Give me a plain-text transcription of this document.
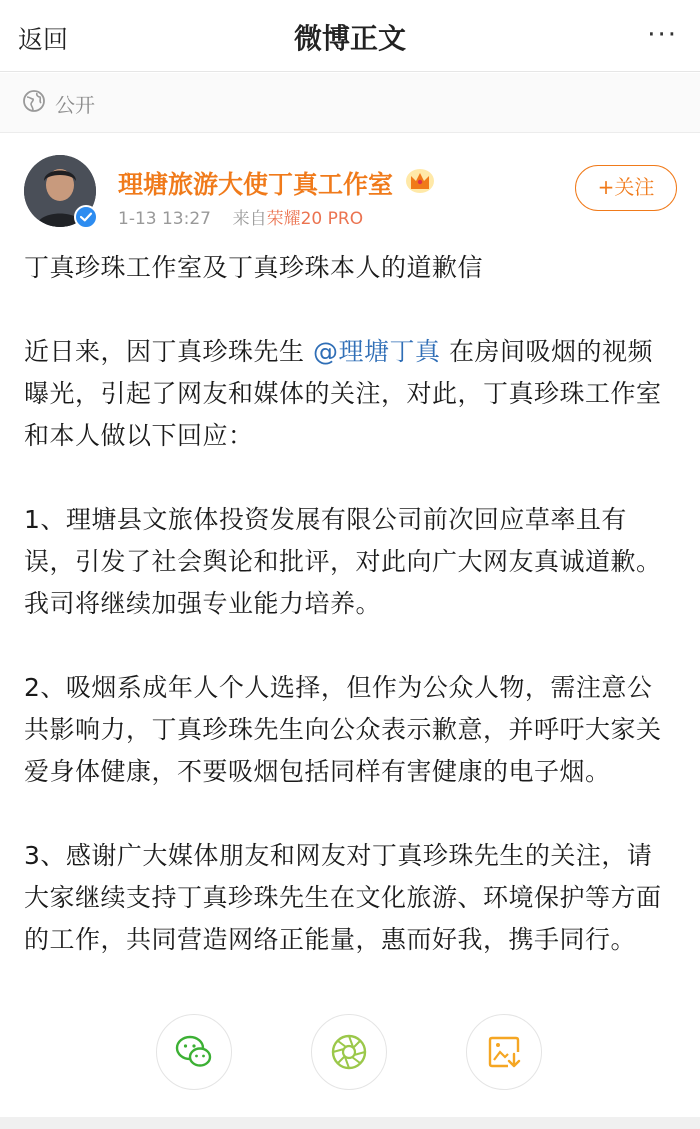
返回	微博正文	···
公开
理塘旅游大使丁真工作室
1-13 13:27 来自荣耀20 PRO
+关注

丁真珍珠工作室及丁真珍珠本人的道歉信

近日来，因丁真珍珠先生 @理塘丁真 在房间吸烟的视频曝光，引起了网友和媒体的关注，对此，丁真珍珠工作室和本人做以下回应：

1、理塘县文旅体投资发展有限公司前次回应草率且有误，引发了社会舆论和批评，对此向广大网友真诚道歉。我司将继续加强专业能力培养。

2、吸烟系成年人个人选择，但作为公众人物，需注意公共影响力，丁真珍珠先生向公众表示歉意，并呼吁大家关爱身体健康，不要吸烟包括同样有害健康的电子烟。

3、感谢广大媒体朋友和网友对丁真珍珠先生的关注，请大家继续支持丁真珍珠先生在文化旅游、环境保护等方面的工作，共同营造网络正能量，惠而好我，携手同行。
